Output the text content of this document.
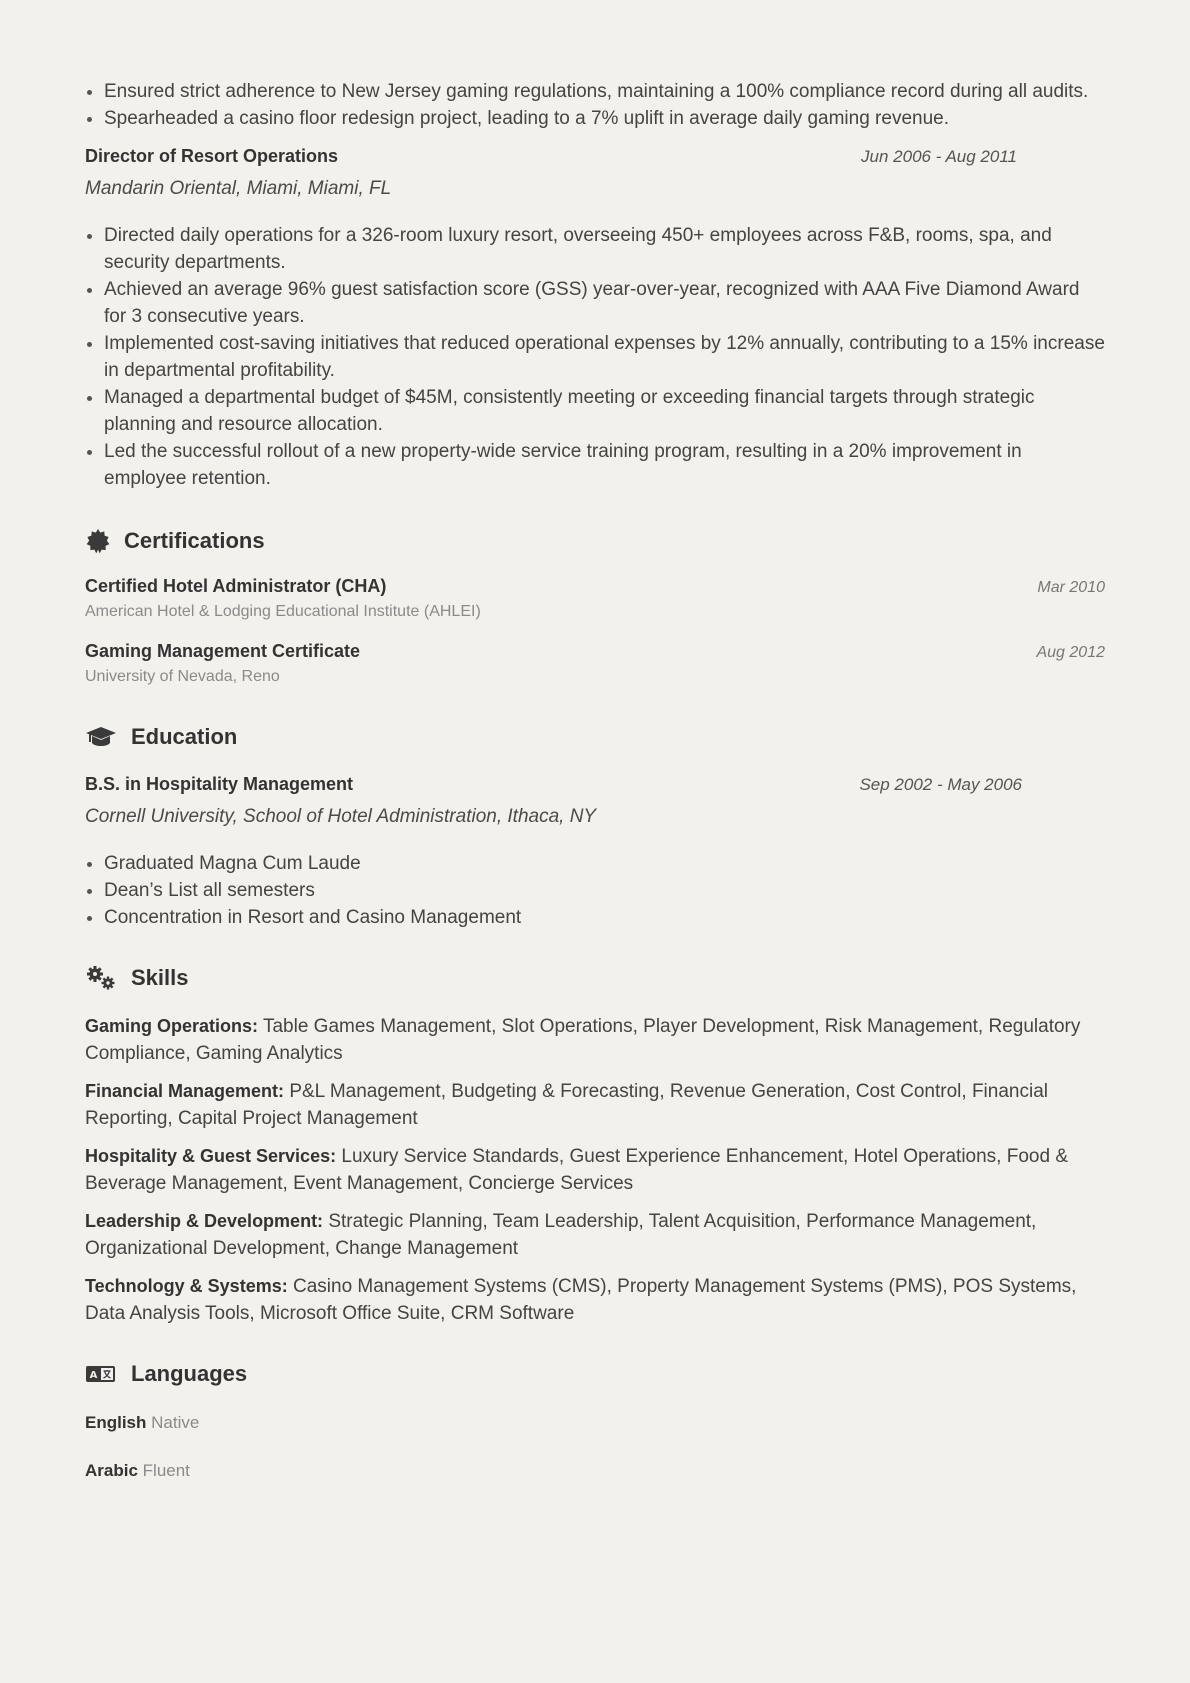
Ensured strict adherence to New Jersey gaming regulations, maintaining a 100% compliance record during all audits.
Spearheaded a casino floor redesign project, leading to a 7% uplift in average daily gaming revenue.
Director of Resort Operations	Jun 2006 - Aug 2011
Mandarin Oriental, Miami, Miami, FL
Directed daily operations for a 326-room luxury resort, overseeing 450+ employees across F&B, rooms, spa, and security departments.
Achieved an average 96% guest satisfaction score (GSS) year-over-year, recognized with AAA Five Diamond Award for 3 consecutive years.
Implemented cost-saving initiatives that reduced operational expenses by 12% annually, contributing to a 15% increase in departmental profitability.
Managed a departmental budget of $45M, consistently meeting or exceeding financial targets through strategic planning and resource allocation.
Led the successful rollout of a new property-wide service training program, resulting in a 20% improvement in employee retention.
Certifications
Certified Hotel Administrator (CHA)	Mar 2010
American Hotel & Lodging Educational Institute (AHLEI)
Gaming Management Certificate	Aug 2012
University of Nevada, Reno
Education
B.S. in Hospitality Management	Sep 2002 - May 2006
Cornell University, School of Hotel Administration, Ithaca, NY
Graduated Magna Cum Laude
Dean’s List all semesters
Concentration in Resort and Casino Management
Skills
Gaming Operations: Table Games Management, Slot Operations, Player Development, Risk Management, Regulatory Compliance, Gaming Analytics
Financial Management: P&L Management, Budgeting & Forecasting, Revenue Generation, Cost Control, Financial Reporting, Capital Project Management
Hospitality & Guest Services: Luxury Service Standards, Guest Experience Enhancement, Hotel Operations, Food & Beverage Management, Event Management, Concierge Services
Leadership & Development: Strategic Planning, Team Leadership, Talent Acquisition, Performance Management, Organizational Development, Change Management
Technology & Systems: Casino Management Systems (CMS), Property Management Systems (PMS), POS Systems, Data Analysis Tools, Microsoft Office Suite, CRM Software
A Languages
English Native
Arabic Fluent
